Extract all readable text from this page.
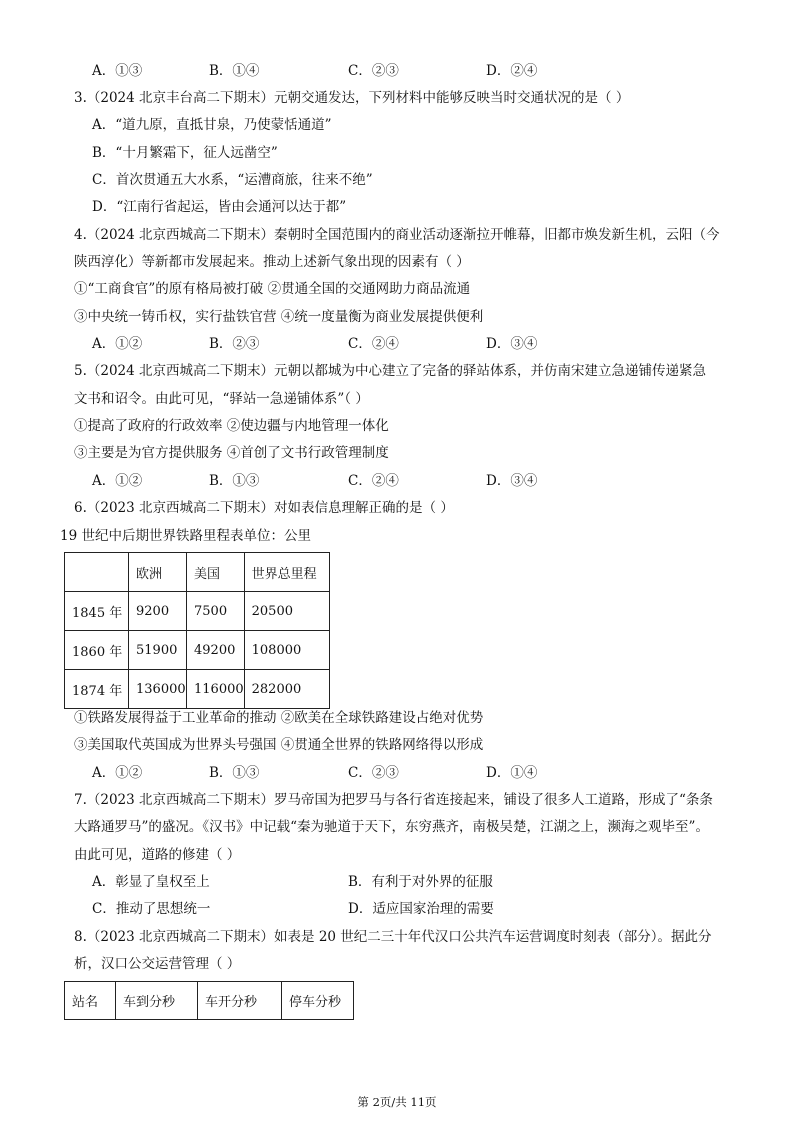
A．①③	B．①④	C．②③	D．②④
3.（2024 北京丰台高二下期末）元朝交通发达，下列材料中能够反映当时交通状况的是（ ）
A．“道九原，直抵甘泉，乃使蒙恬通道”
B．“十月繁霜下，征人远凿空”
C．首次贯通五大水系，“运漕商旅，往来不绝”
D．“江南行省起运，皆由会通河以达于都”
4.（2024 北京西城高二下期末）秦朝时全国范围内的商业活动逐渐拉开帷幕，旧都市焕发新生机，云阳（今
陕西淳化）等新都市发展起来。推动上述新气象出现的因素有（ ）
①“工商食官”的原有格局被打破 ②贯通全国的交通网助力商品流通
③中央统一铸币权，实行盐铁官营 ④统一度量衡为商业发展提供便利
A．①②	B．②③	C．②④	D．③④
5.（2024 北京西城高二下期末）元朝以都城为中心建立了完备的驿站体系，并仿南宋建立急递铺传递紧急
文书和诏令。由此可见，“驿站一急递铺体系”（ ）
①提高了政府的行政效率 ②使边疆与内地管理一体化
③主要是为官方提供服务 ④首创了文书行政管理制度
A．①②	B．①③	C．②④	D．③④
6.（2023 北京西城高二下期末）对如表信息理解正确的是（ ）
19 世纪中后期世界铁路里程表单位：公里
	欧洲	美国	世界总里程
1845 年	9200	7500	20500
1860 年	51900	49200	108000
1874 年	136000	116000	282000
①铁路发展得益于工业革命的推动 ②欧美在全球铁路建设占绝对优势
③美国取代英国成为世界头号强国 ④贯通全世界的铁路网络得以形成
A．①②	B．①③	C．②③	D．①④
7.（2023 北京西城高二下期末）罗马帝国为把罗马与各行省连接起来，铺设了很多人工道路，形成了“条条
大路通罗马”的盛况。《汉书》中记载“秦为驰道于天下，东穷燕齐，南极吴楚，江湖之上，濒海之观毕至”。
由此可见，道路的修建（ ）
A．彰显了皇权至上	B．有利于对外界的征服
C．推动了思想统一	D．适应国家治理的需要
8.（2023 北京西城高二下期末）如表是 20 世纪二三十年代汉口公共汽车运营调度时刻表（部分）。据此分
析，汉口公交运营管理（ ）
站名	车到分秒	车开分秒	停车分秒
第 2页/共 11页
